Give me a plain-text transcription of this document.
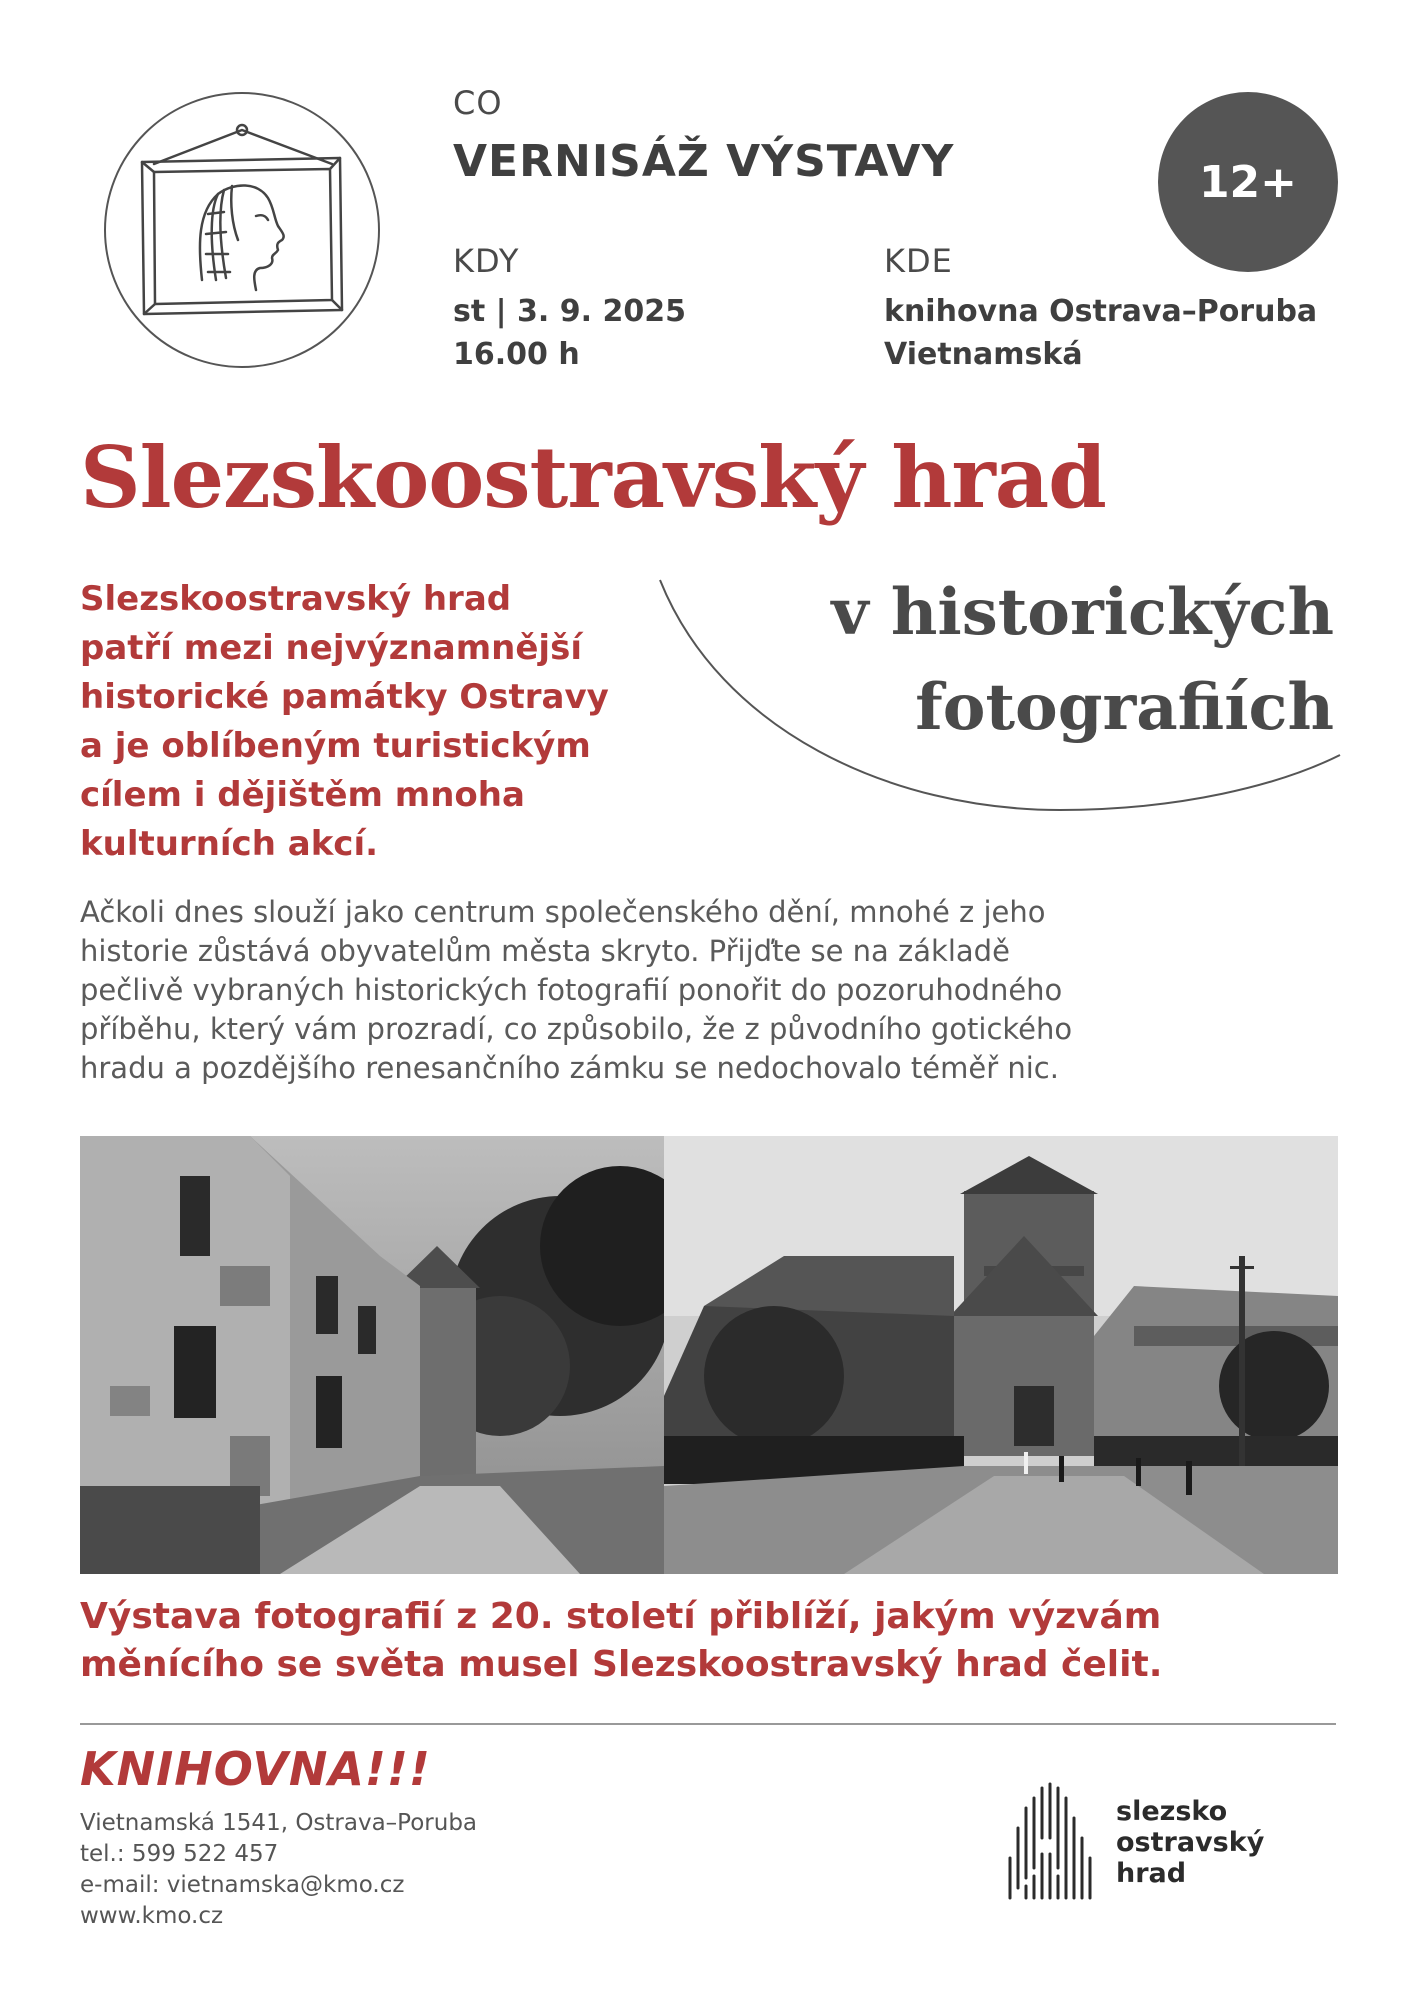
CO
VERNISÁŽ VÝSTAVY
KDY
st | 3. 9. 2025
16.00 h
KDE
knihovna Ostrava–Poruba
Vietnamská
12+
Slezskoostravský hrad
v historických
fotografiích
Slezskoostravský hrad
patří mezi nejvýznamnější
historické památky Ostravy
a je oblíbeným turistickým
cílem i dějištěm mnoha
kulturních akcí.
Ačkoli dnes slouží jako centrum společenského dění, mnohé z jeho
historie zůstává obyvatelům města skryto. Přijďte se na základě
pečlivě vybraných historických fotografií ponořit do pozoruhodného
příběhu, který vám prozradí, co způsobilo, že z původního gotického
hradu a pozdějšího renesančního zámku se nedochovalo téměř nic.
Výstava fotografií z 20. století přiblíží, jakým výzvám
měnícího se světa musel Slezskoostravský hrad čelit.
KNIHOVNA!!!
Vietnamská 1541, Ostrava–Poruba
tel.: 599 522 457
e-mail: vietnamska@kmo.cz
www.kmo.cz
slezsko
ostravský
hrad
